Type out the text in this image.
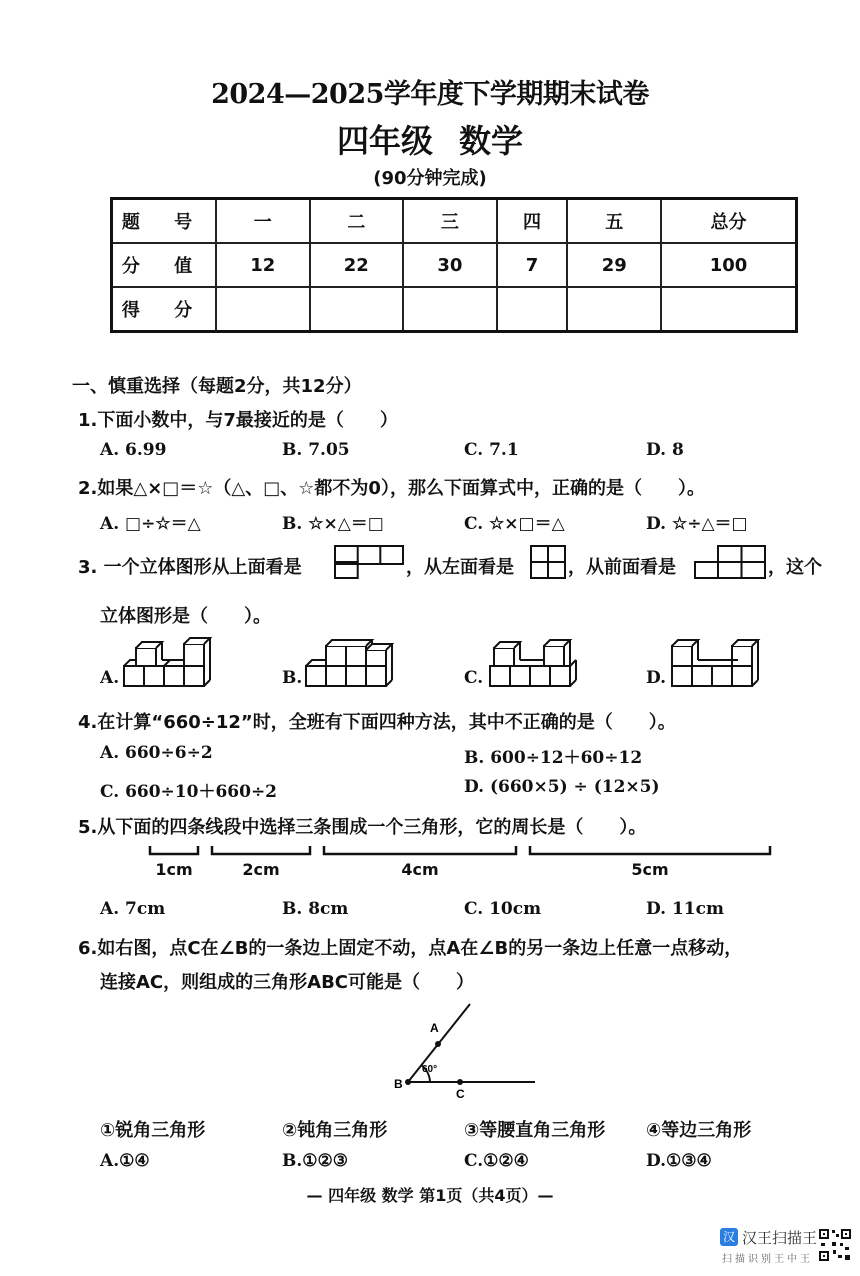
2024—2025学年度下学期期末试卷
四年级 数学
(90分钟完成)
题 号	一	二	三	四	五	总分
分 值	12	22	30	7	29	100
得 分						
一、慎重选择（每题2分，共12分）
1.下面小数中，与7最接近的是（　　）
A. 6.99	B. 7.05	C. 7.1	D. 8
2.如果△×□＝☆（△、□、☆都不为0），那么下面算式中，正确的是（　　）。
A. □÷☆＝△	B. ☆×△＝□	C. ☆×□＝△	D. ☆÷△＝□
3. 一个立体图形从上面看是	，从左面看是	，从前面看是	，这个
立体图形是（　　）。
A.	B.	C.	D.
4.在计算“660÷12”时，全班有下面四种方法，其中不正确的是（　　）。
A. 660÷6÷2	B. 600÷12＋60÷12
C. 660÷10＋660÷2	D. (660×5) ÷ (12×5)
5.从下面的四条线段中选择三条围成一个三角形，它的周长是（　　）。
1cm	2cm	4cm	5cm
A. 7cm	B. 8cm	C. 10cm	D. 11cm
6.如右图，点C在∠B的一条边上固定不动，点A在∠B的另一条边上任意一点移动，
连接AC，则组成的三角形ABC可能是（　　）
A
B
C
60°
①锐角三角形	②钝角三角形	③等腰直角三角形 ④等边三角形
A.①④	B.①②③	C.①②④	D.①③④
— 四年级 数学 第1页（共4页）—
汉 汉王扫描王
扫描识别王中王
